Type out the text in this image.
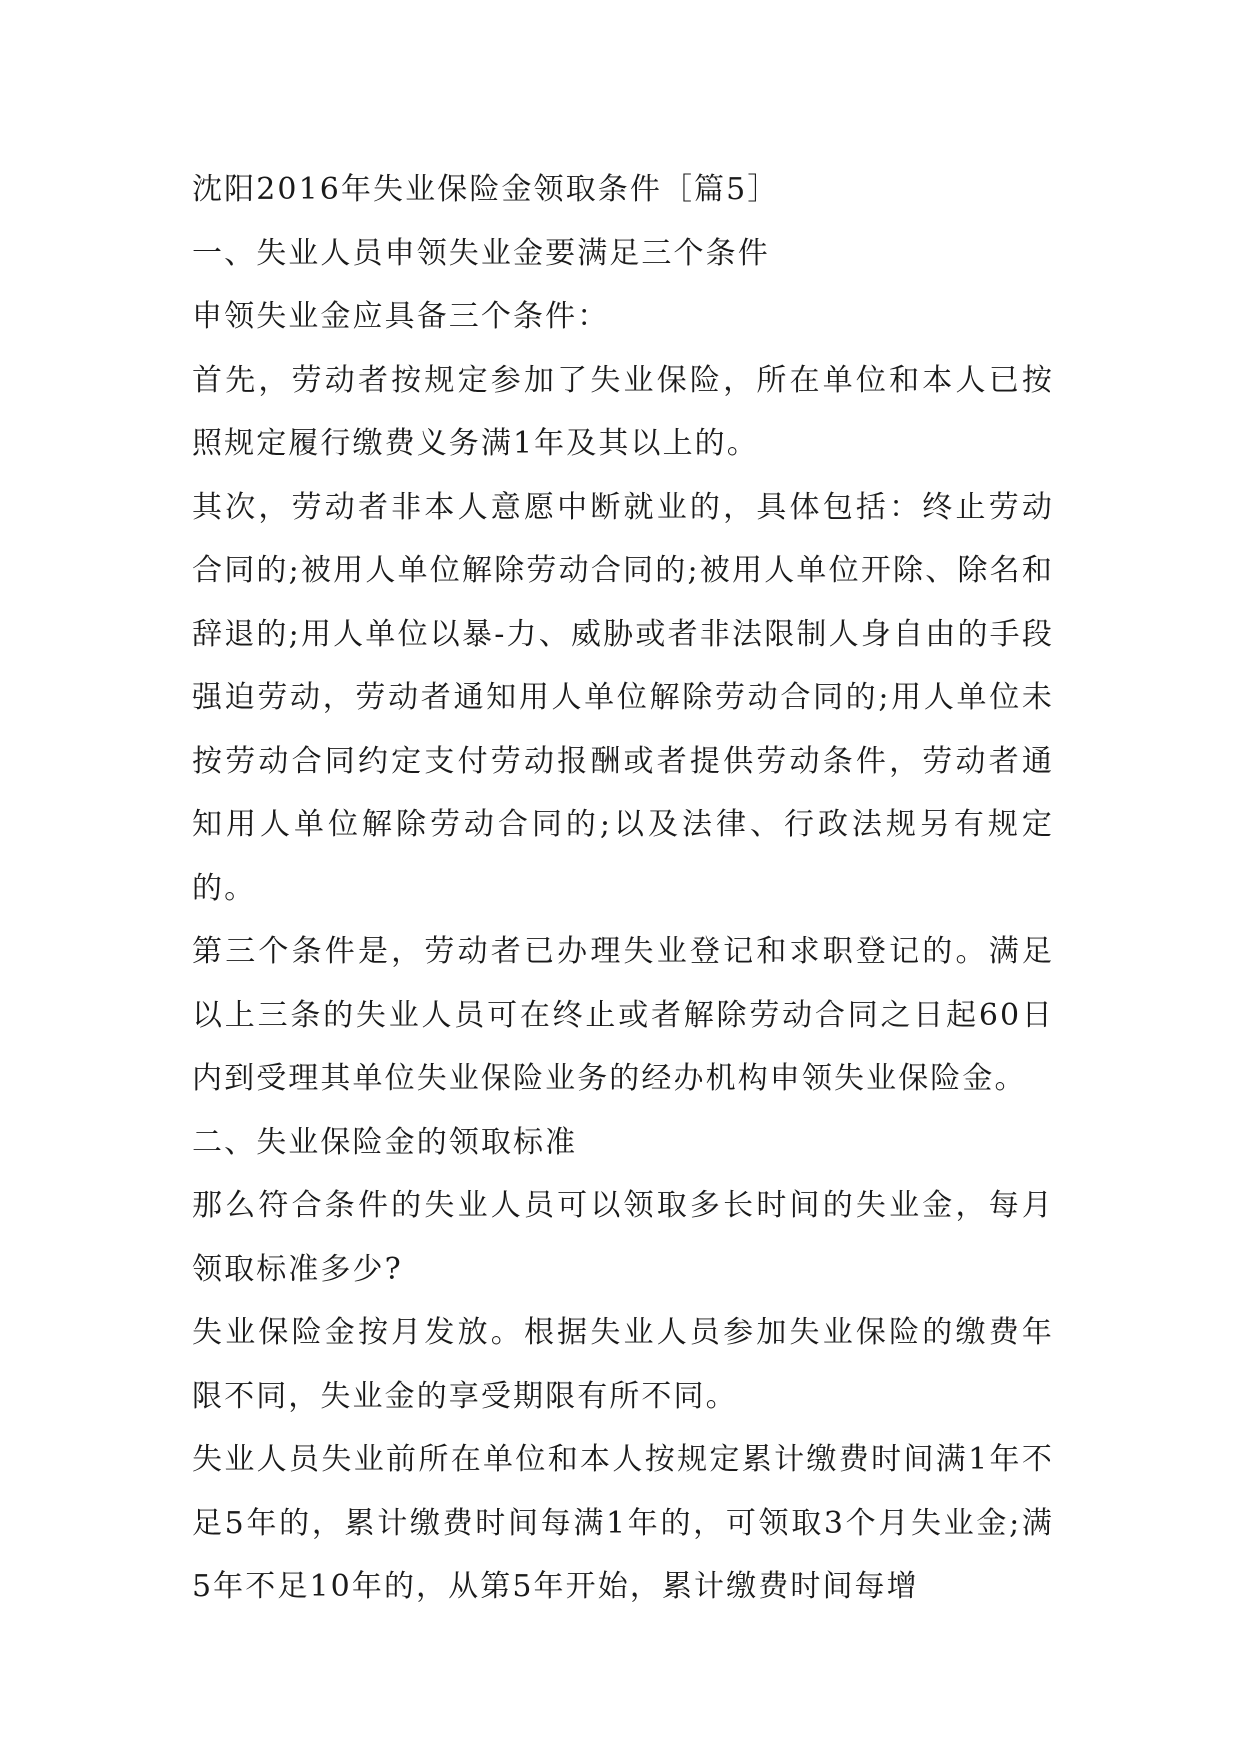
沈阳2016年失业保险金领取条件［篇5］

一、失业人员申领失业金要满足三个条件

申领失业金应具备三个条件：

首先，劳动者按规定参加了失业保险，所在单位和本人已按照规定履行缴费义务满1年及其以上的。

其次，劳动者非本人意愿中断就业的，具体包括：终止劳动合同的;被用人单位解除劳动合同的;被用人单位开除、除名和辞退的;用人单位以暴-力、威胁或者非法限制人身自由的手段强迫劳动，劳动者通知用人单位解除劳动合同的;用人单位未按劳动合同约定支付劳动报酬或者提供劳动条件，劳动者通知用人单位解除劳动合同的;以及法律、行政法规另有规定的。

第三个条件是，劳动者已办理失业登记和求职登记的。满足以上三条的失业人员可在终止或者解除劳动合同之日起60日内到受理其单位失业保险业务的经办机构申领失业保险金。

二、失业保险金的领取标准

那么符合条件的失业人员可以领取多长时间的失业金，每月领取标准多少?

失业保险金按月发放。根据失业人员参加失业保险的缴费年限不同，失业金的享受期限有所不同。

失业人员失业前所在单位和本人按规定累计缴费时间满1年不足5年的，累计缴费时间每满1年的，可领取3个月失业金;满5年不足10年的，从第5年开始，累计缴费时间每增
